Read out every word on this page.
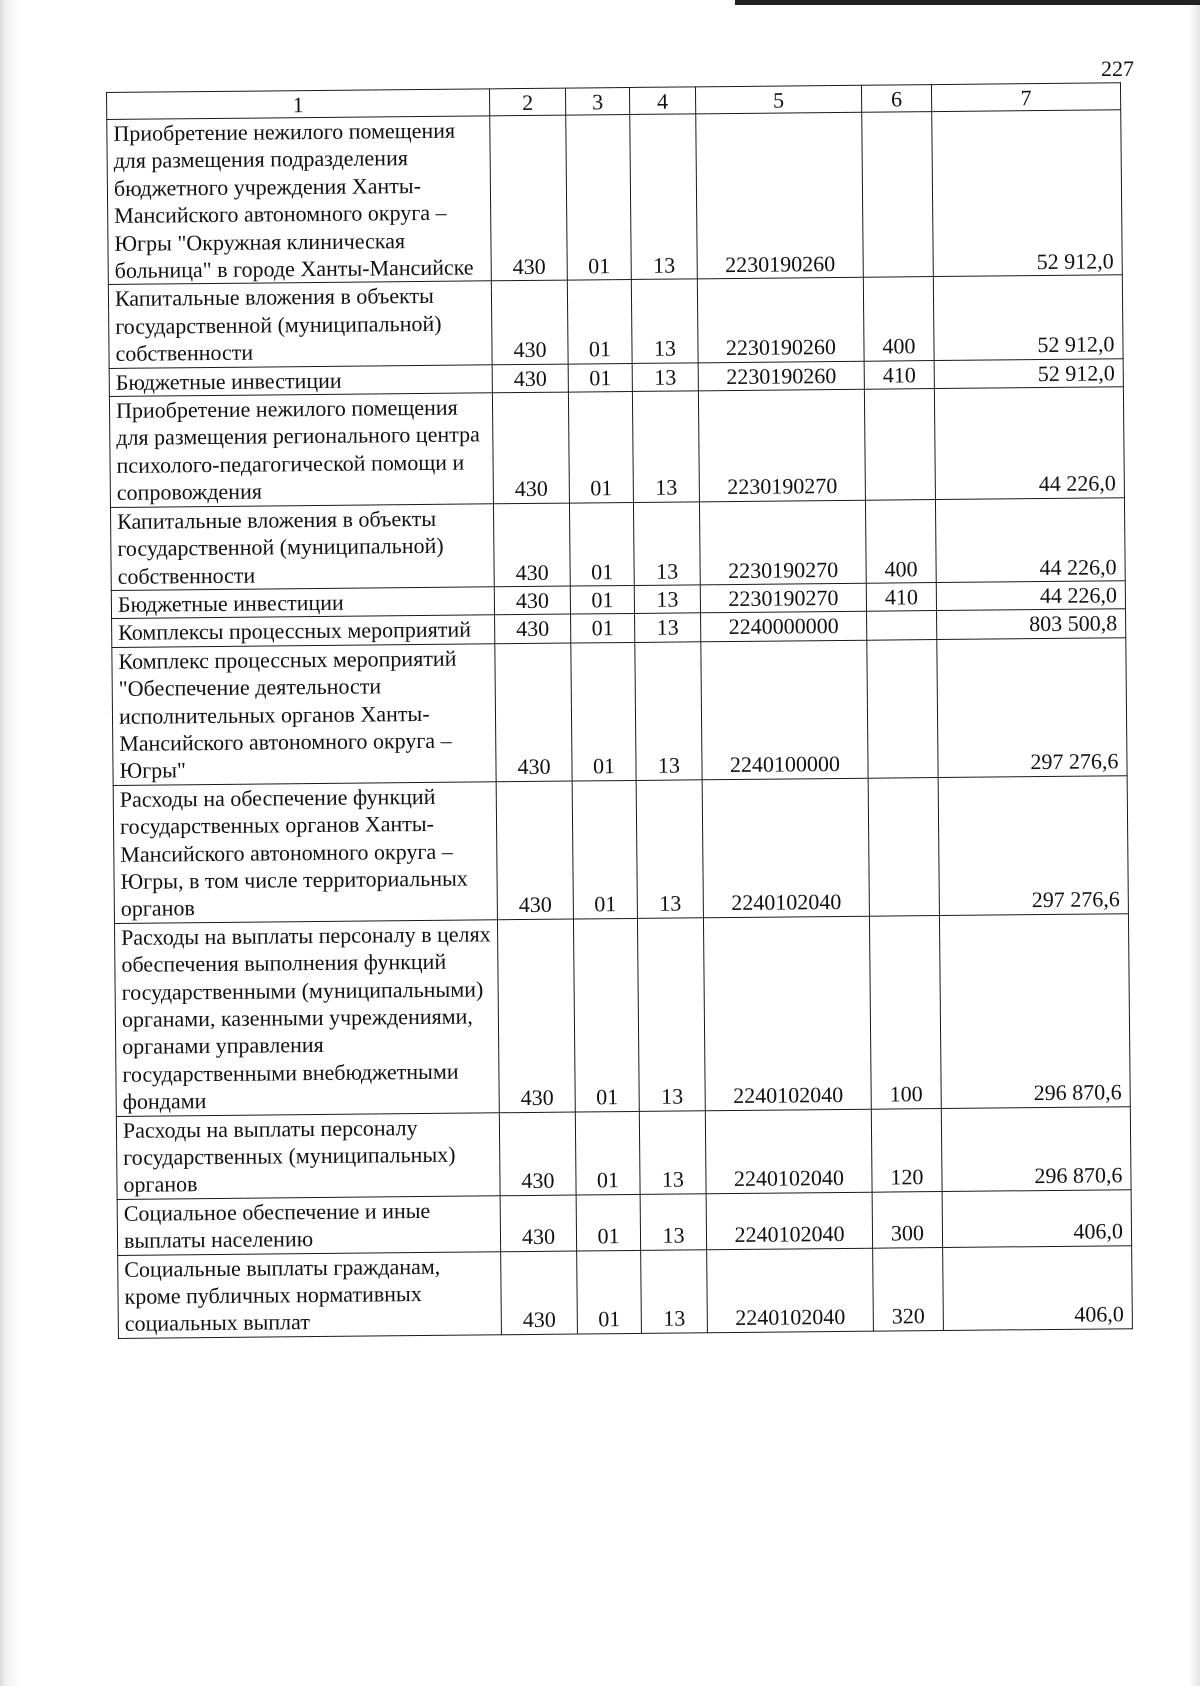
227
1	2	3	4	5	6	7
Приобретение нежилого помещения для размещения подразделения бюджетного учреждения Ханты-Мансийского автономного округа – Югры "Окружная клиническая больница" в городе Ханты-Мансийске	430	01	13	2230190260		52 912,0
Капитальные вложения в объекты государственной (муниципальной) собственности	430	01	13	2230190260	400	52 912,0
Бюджетные инвестиции	430	01	13	2230190260	410	52 912,0
Приобретение нежилого помещения для размещения регионального центра психолого-педагогической помощи и сопровождения	430	01	13	2230190270		44 226,0
Капитальные вложения в объекты государственной (муниципальной) собственности	430	01	13	2230190270	400	44 226,0
Бюджетные инвестиции	430	01	13	2230190270	410	44 226,0
Комплексы процессных мероприятий	430	01	13	2240000000		803 500,8
Комплекс процессных мероприятий "Обеспечение деятельности исполнительных органов Ханты-Мансийского автономного округа – Югры"	430	01	13	2240100000		297 276,6
Расходы на обеспечение функций государственных органов Ханты-Мансийского автономного округа – Югры, в том числе территориальных органов	430	01	13	2240102040		297 276,6
Расходы на выплаты персоналу в целях обеспечения выполнения функций государственными (муниципальными) органами, казенными учреждениями, органами управления государственными внебюджетными фондами	430	01	13	2240102040	100	296 870,6
Расходы на выплаты персоналу государственных (муниципальных) органов	430	01	13	2240102040	120	296 870,6
Социальное обеспечение и иные выплаты населению	430	01	13	2240102040	300	406,0
Социальные выплаты гражданам, кроме публичных нормативных социальных выплат	430	01	13	2240102040	320	406,0
